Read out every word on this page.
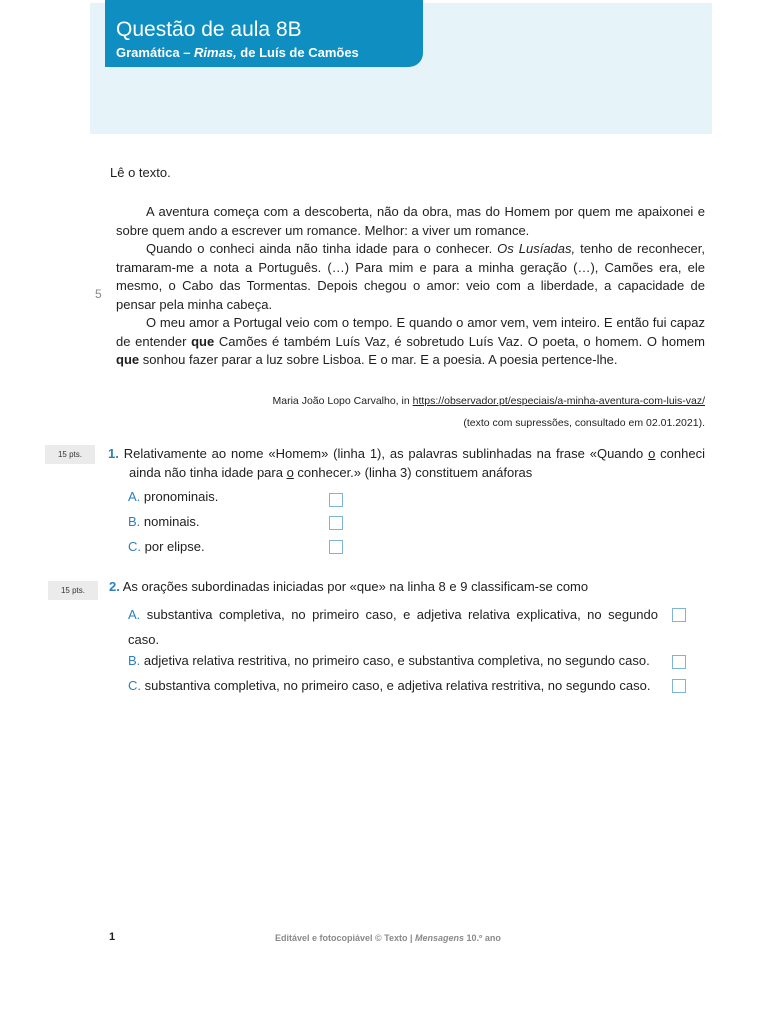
Questão de aula 8B
Gramática – Rimas, de Luís de Camões
Lê o texto.
5

A aventura começa com a descoberta, não da obra, mas do Homem por quem me apaixonei e sobre quem ando a escrever um romance. Melhor: a viver um romance.

Quando o conheci ainda não tinha idade para o conhecer. Os Lusíadas, tenho de reconhecer, tramaram-me a nota a Português. (…) Para mim e para a minha geração (…), Camões era, ele mesmo, o Cabo das Tormentas. Depois chegou o amor: veio com a liberdade, a capacidade de pensar pela minha cabeça.

O meu amor a Portugal veio com o tempo. E quando o amor vem, vem inteiro. E então fui capaz de entender que Camões é também Luís Vaz, é sobretudo Luís Vaz. O poeta, o homem. O homem que sonhou fazer parar a luz sobre Lisboa. E o mar. E a poesia. A poesia pertence-lhe.

Maria João Lopo Carvalho, in https://observador.pt/especiais/a-minha-aventura-com-luis-vaz/
(texto com supressões, consultado em 02.01.2021).
15 pts.	1. Relativamente ao nome «Homem» (linha 1), as palavras sublinhadas na frase «Quando o conheci ainda não tinha idade para o conhecer.» (linha 3) constituem anáforas
A. pronominais.
B. nominais.
C. por elipse.
15 pts.	2. As orações subordinadas iniciadas por «que» na linha 8 e 9 classificam-se como
A. substantiva completiva, no primeiro caso, e adjetiva relativa explicativa, no segundo caso.
B. adjetiva relativa restritiva, no primeiro caso, e substantiva completiva, no segundo caso.
C. substantiva completiva, no primeiro caso, e adjetiva relativa restritiva, no segundo caso.
1	Editável e fotocopiável © Texto | Mensagens 10.º ano
